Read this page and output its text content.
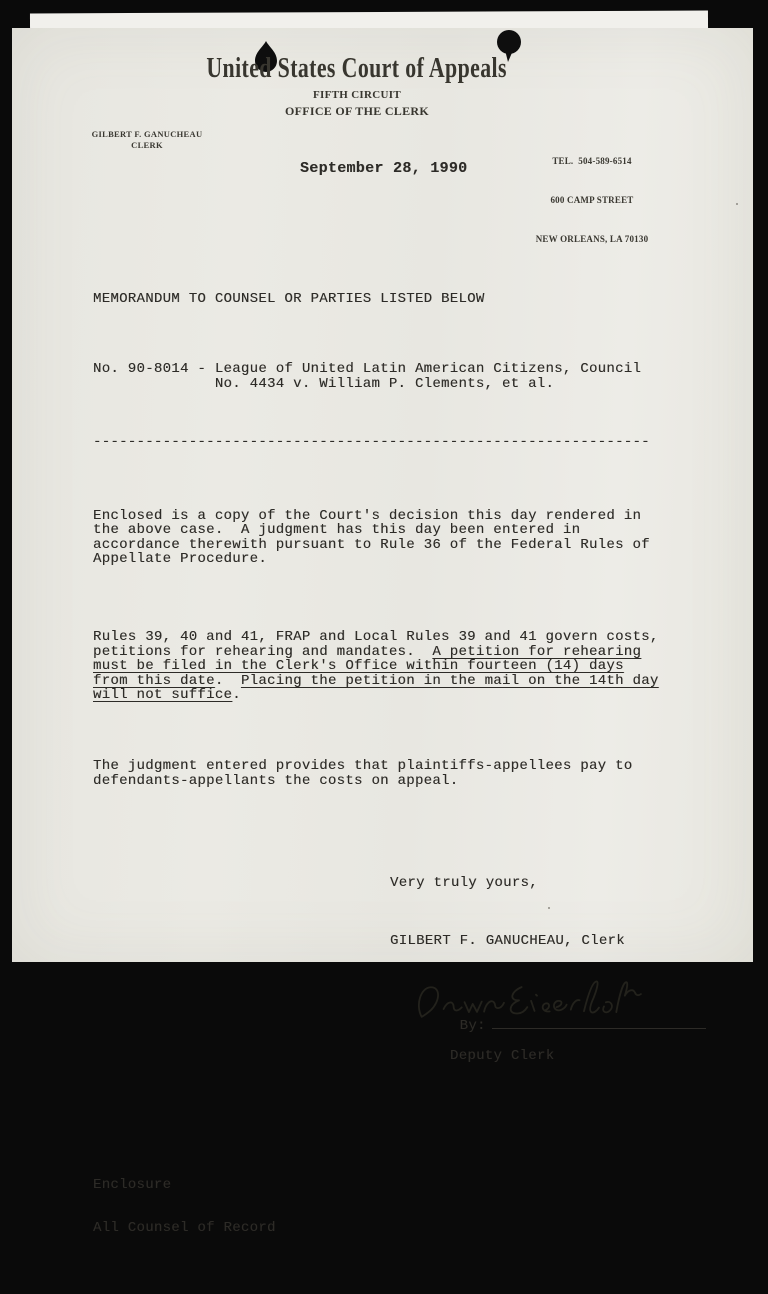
United States Court of Appeals
FIFTH CIRCUIT
OFFICE OF THE CLERK
GILBERT F. GANUCHEAU
CLERK

TEL.  504-589-6514

600 CAMP STREET

NEW ORLEANS, LA 70130

September 28, 1990

MEMORANDUM TO COUNSEL OR PARTIES LISTED BELOW

No. 90-8014 - League of United Latin American Citizens, Council
No. 4434 v. William P. Clements, et al.

----------------------------------------------------------------

Enclosed is a copy of the Court's decision this day rendered in
the above case.  A judgment has this day been entered in
accordance therewith pursuant to Rule 36 of the Federal Rules of
Appellate Procedure.

Rules 39, 40 and 41, FRAP and Local Rules 39 and 41 govern costs,
petitions for rehearing and mandates.  A petition for rehearing
must be filed in the Clerk's Office within fourteen (14) days
from this date.  Placing the petition in the mail on the 14th day
will not suffice.

The judgment entered provides that plaintiffs-appellees pay to
defendants-appellants the costs on appeal.

Very truly yours,

GILBERT F. GANUCHEAU, Clerk

By:

Deputy Clerk

Enclosure

All Counsel of Record
